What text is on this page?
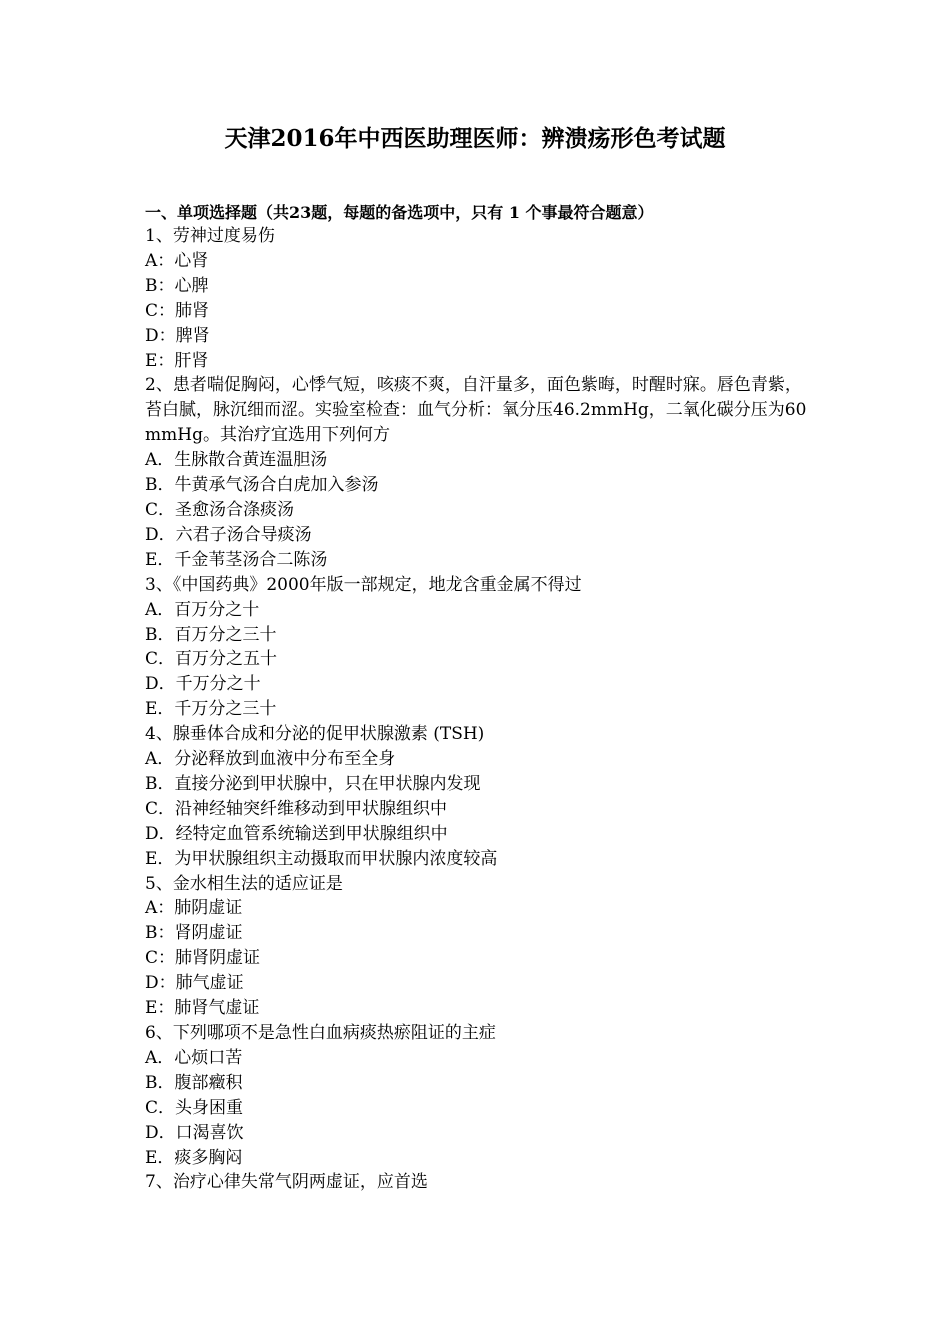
天津2016年中西医助理医师：辨溃疡形色考试题
一、单项选择题（共23题，每题的备选项中，只有 1 个事最符合题意）
1、劳神过度易伤
A：心肾
B：心脾
C：肺肾
D：脾肾
E：肝肾
2、患者喘促胸闷，心悸气短，咳痰不爽，自汗量多，面色紫晦，时醒时寐。唇色青紫，苔白腻，脉沉细而涩。实验室检查：血气分析：氧分压46.2mmHg，二氧化碳分压为60mmHg。其治疗宜选用下列何方
A．生脉散合黄连温胆汤
B．牛黄承气汤合白虎加入参汤
C．圣愈汤合涤痰汤
D．六君子汤合导痰汤
E．千金苇茎汤合二陈汤
3、《中国药典》2000年版一部规定，地龙含重金属不得过
A．百万分之十
B．百万分之三十
C．百万分之五十
D．千万分之十
E．千万分之三十
4、腺垂体合成和分泌的促甲状腺激素 (TSH)
A．分泌释放到血液中分布至全身
B．直接分泌到甲状腺中，只在甲状腺内发现
C．沿神经轴突纤维移动到甲状腺组织中
D．经特定血管系统输送到甲状腺组织中
E．为甲状腺组织主动摄取而甲状腺内浓度较高
5、金水相生法的适应证是
A：肺阴虚证
B：肾阴虚证
C：肺肾阴虚证
D：肺气虚证
E：肺肾气虚证
6、下列哪项不是急性白血病痰热瘀阻证的主症
A．心烦口苦
B．腹部癥积
C．头身困重
D．口渴喜饮
E．痰多胸闷
7、治疗心律失常气阴两虚证，应首选
